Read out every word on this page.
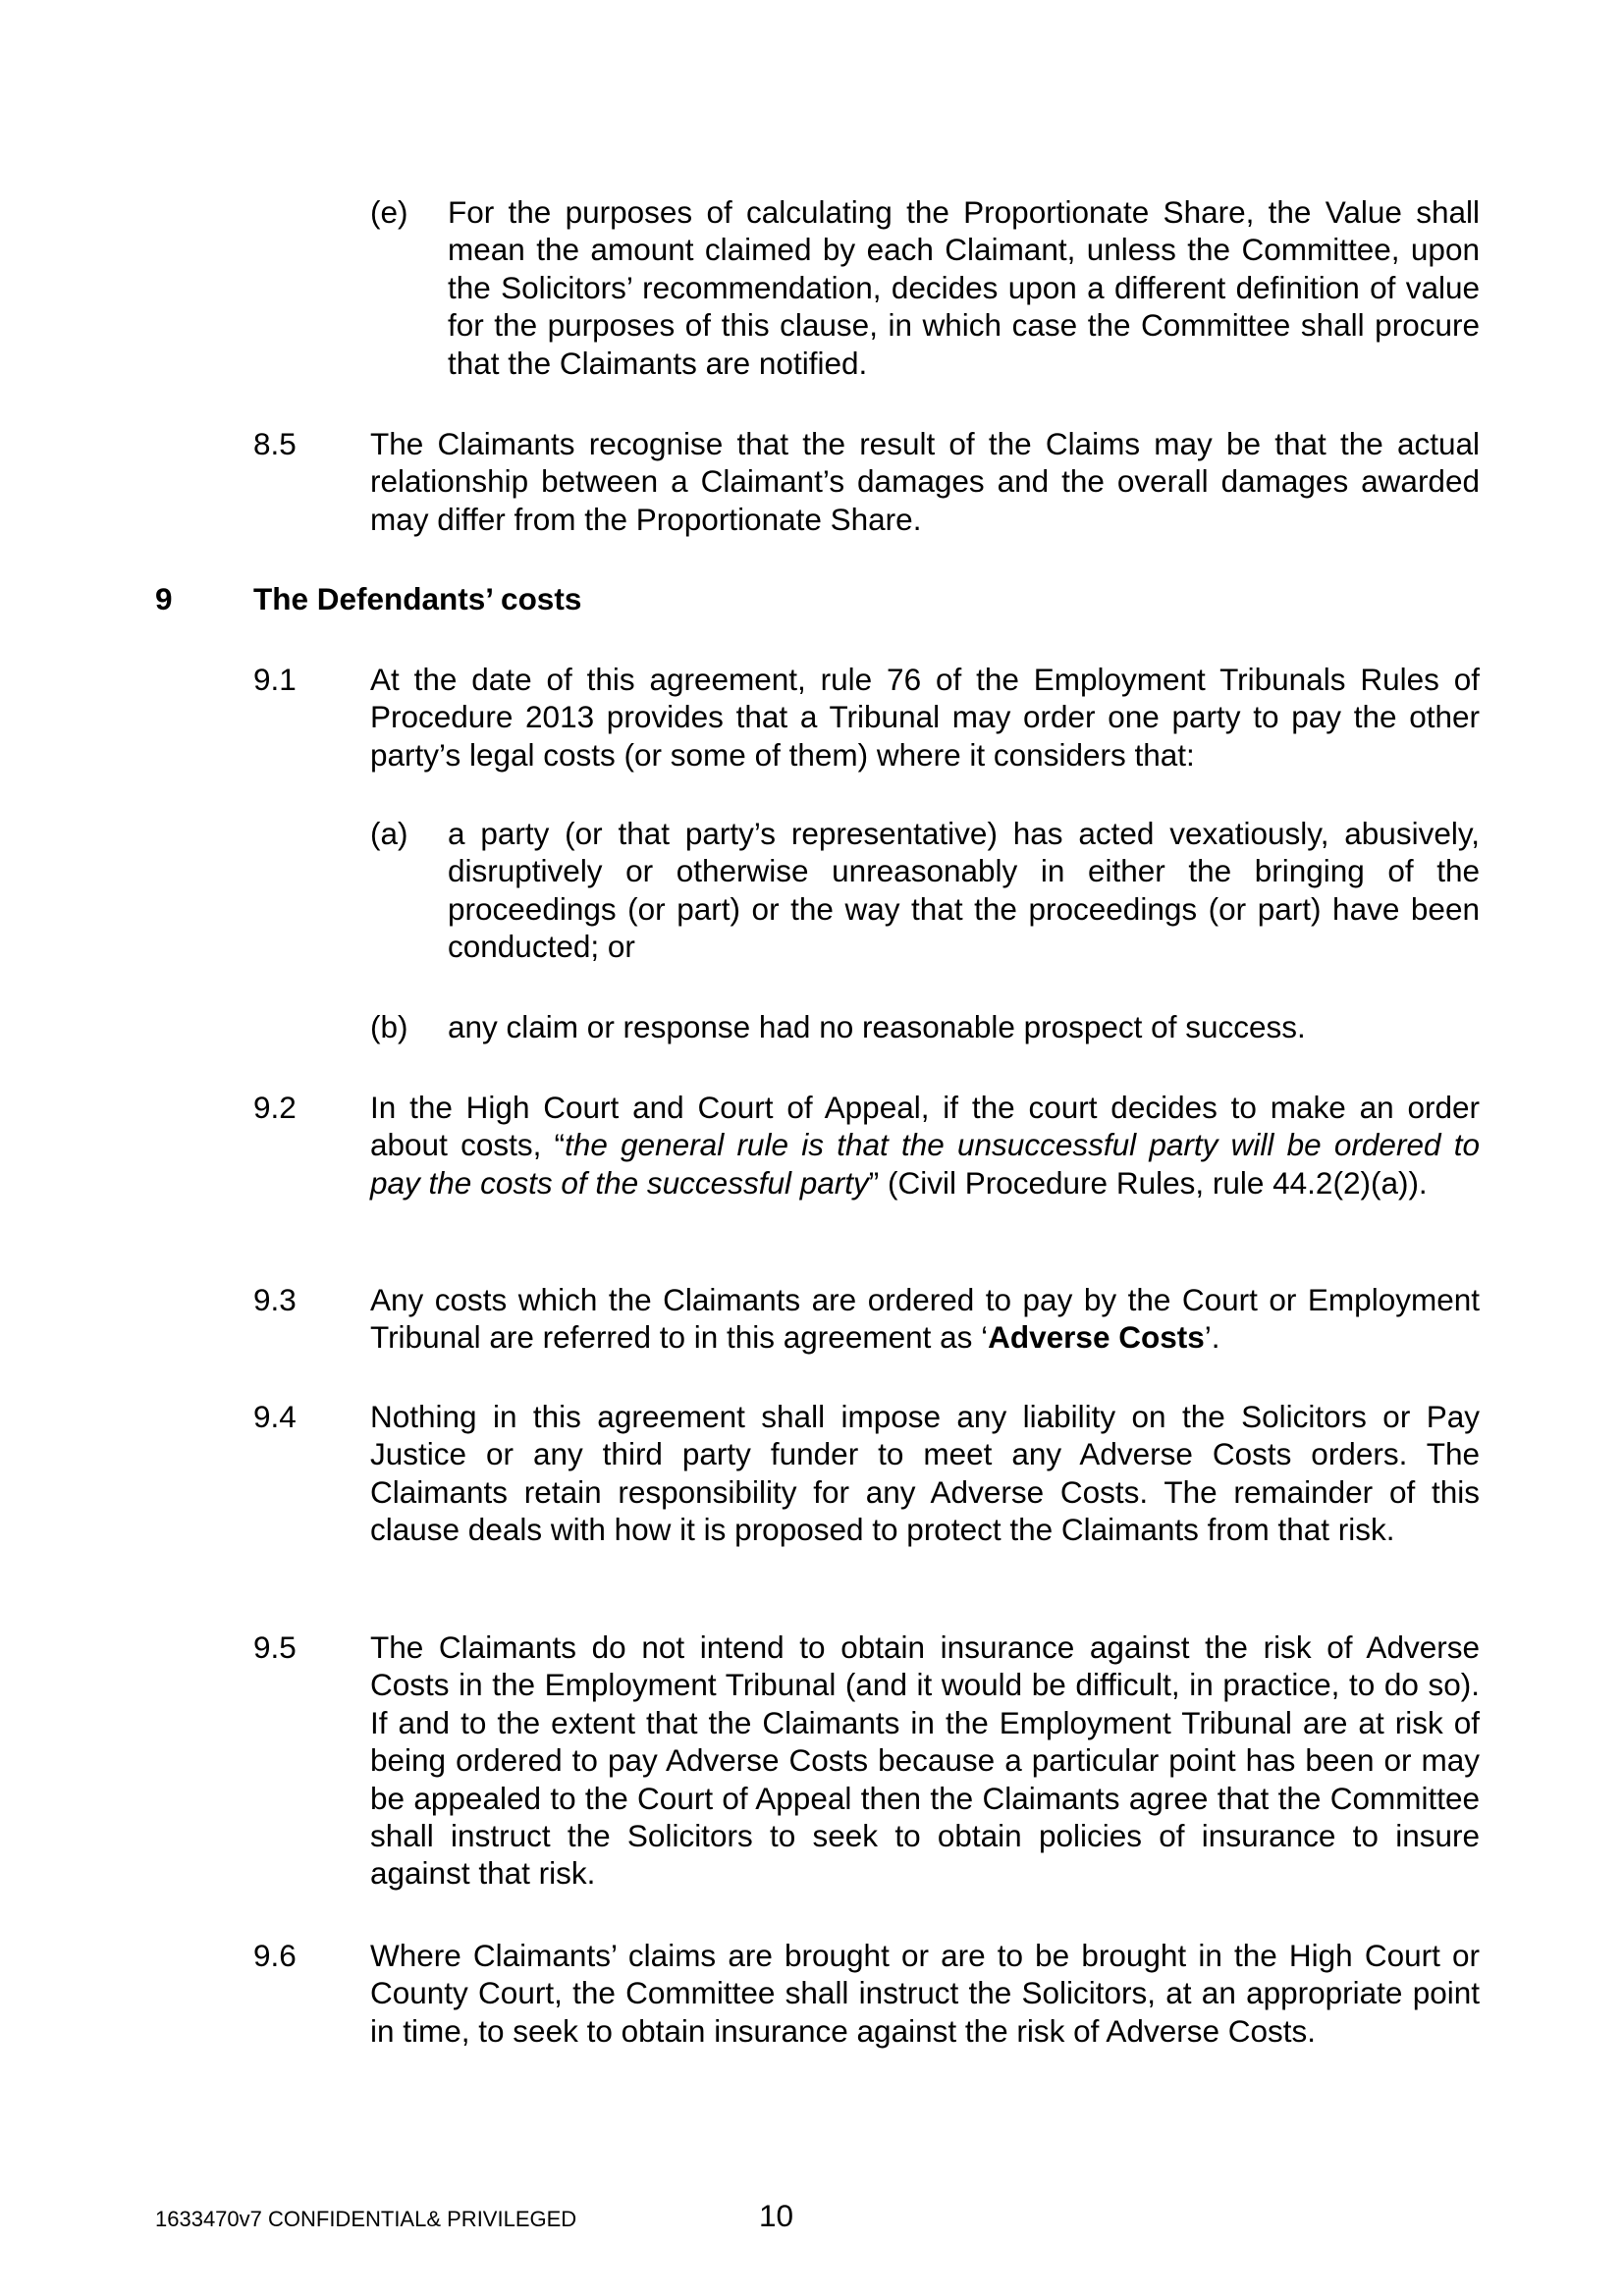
(e) For the purposes of calculating the Proportionate Share, the Value shall mean the amount claimed by each Claimant, unless the Committee, upon the Solicitors’ recommendation, decides upon a different definition of value for the purposes of this clause, in which case the Committee shall procure that the Claimants are notified.
8.5 The Claimants recognise that the result of the Claims may be that the actual relationship between a Claimant’s damages and the overall damages awarded may differ from the Proportionate Share.
9	The Defendants’ costs
9.1 At the date of this agreement, rule 76 of the Employment Tribunals Rules of Procedure 2013 provides that a Tribunal may order one party to pay the other party’s legal costs (or some of them) where it considers that:
(a) a party (or that party’s representative) has acted vexatiously, abusively, disruptively or otherwise unreasonably in either the bringing of the proceedings (or part) or the way that the proceedings (or part) have been conducted; or
(b) any claim or response had no reasonable prospect of success.
9.2 In the High Court and Court of Appeal, if the court decides to make an order about costs, “the general rule is that the unsuccessful party will be ordered to pay the costs of the successful party” (Civil Procedure Rules, rule 44.2(2)(a)).
9.3 Any costs which the Claimants are ordered to pay by the Court or Employment Tribunal are referred to in this agreement as ‘Adverse Costs’.
9.4 Nothing in this agreement shall impose any liability on the Solicitors or Pay Justice or any third party funder to meet any Adverse Costs orders. The Claimants retain responsibility for any Adverse Costs. The remainder of this clause deals with how it is proposed to protect the Claimants from that risk.
9.5 The Claimants do not intend to obtain insurance against the risk of Adverse Costs in the Employment Tribunal (and it would be difficult, in practice, to do so). If and to the extent that the Claimants in the Employment Tribunal are at risk of being ordered to pay Adverse Costs because a particular point has been or may be appealed to the Court of Appeal then the Claimants agree that the Committee shall instruct the Solicitors to seek to obtain policies of insurance to insure against that risk.
9.6 Where Claimants’ claims are brought or are to be brought in the High Court or County Court, the Committee shall instruct the Solicitors, at an appropriate point in time, to seek to obtain insurance against the risk of Adverse Costs.
1633470v7 CONFIDENTIAL& PRIVILEGED	10
